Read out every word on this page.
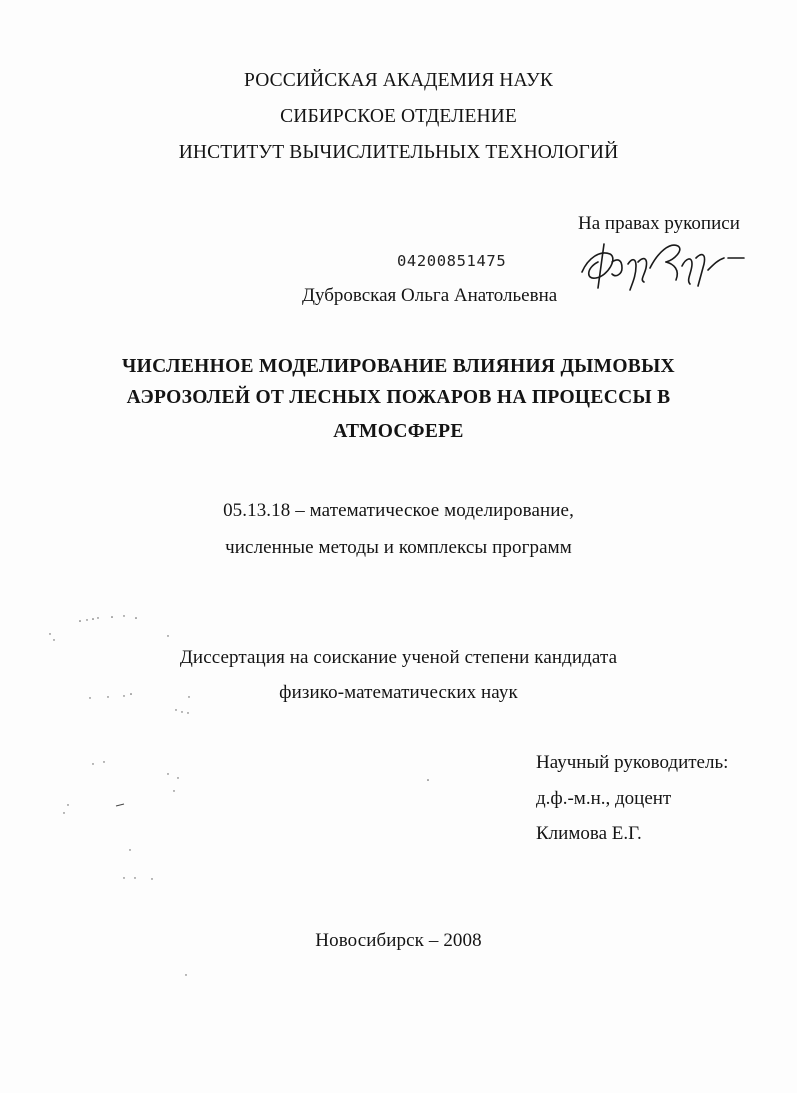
РОССИЙСКАЯ АКАДЕМИЯ НАУК
СИБИРСКОЕ ОТДЕЛЕНИЕ
ИНСТИТУТ ВЫЧИСЛИТЕЛЬНЫХ ТЕХНОЛОГИЙ
На правах рукописи
04200851475
Дубровская Ольга Анатольевна
ЧИСЛЕННОЕ МОДЕЛИРОВАНИЕ ВЛИЯНИЯ ДЫМОВЫХ
АЭРОЗОЛЕЙ ОТ ЛЕСНЫХ ПОЖАРОВ НА ПРОЦЕССЫ В
АТМОСФЕРЕ
05.13.18 – математическое моделирование,
численные методы и комплексы программ
Диссертация на соискание ученой степени кандидата
физико-математических наук
Научный руководитель:
д.ф.-м.н., доцент
Климова Е.Г.
Новосибирск – 2008
